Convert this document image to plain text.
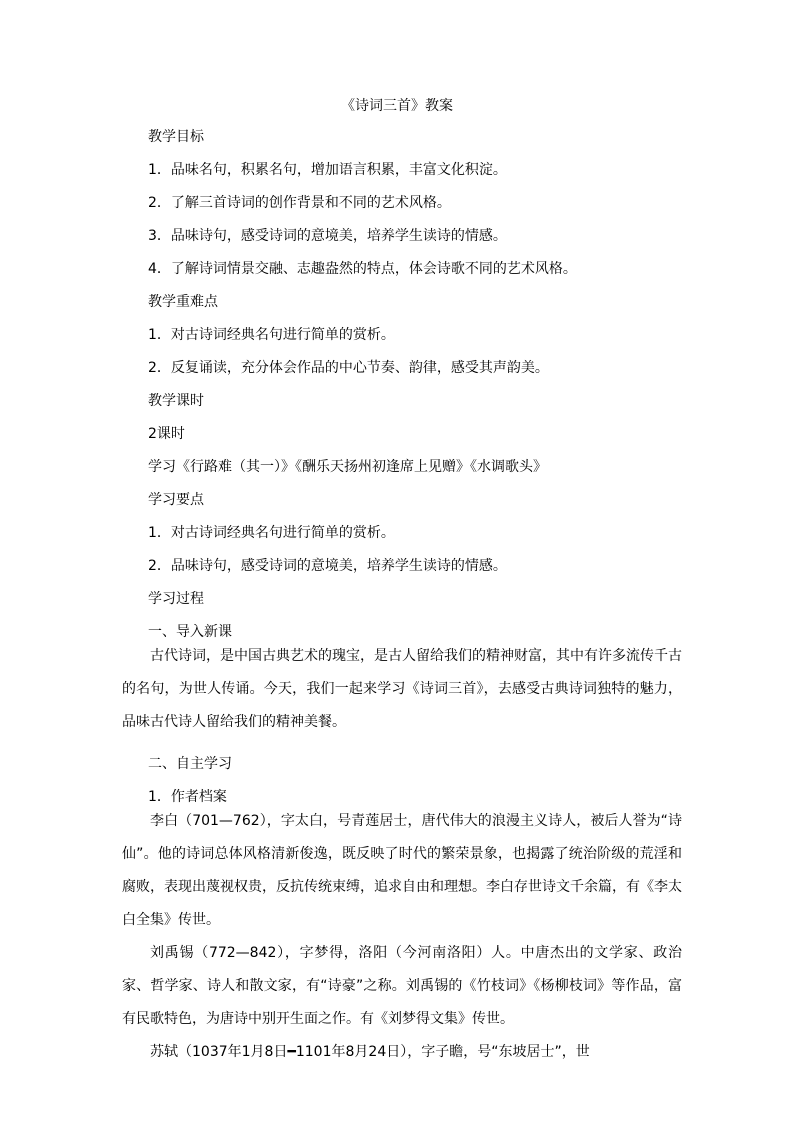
《诗词三首》教案
教学目标
1．品味名句，积累名句，增加语言积累，丰富文化积淀。
2．了解三首诗词的创作背景和不同的艺术风格。
3．品味诗句，感受诗词的意境美，培养学生读诗的情感。
4．了解诗词情景交融、志趣盎然的特点，体会诗歌不同的艺术风格。
教学重难点
1．对古诗词经典名句进行简单的赏析。
2．反复诵读，充分体会作品的中心节奏、韵律，感受其声韵美。
教学课时
2课时
学习《行路难（其一）》《酬乐天扬州初逢席上见赠》《水调歌头》
学习要点
1．对古诗词经典名句进行简单的赏析。
2．品味诗句，感受诗词的意境美，培养学生读诗的情感。
学习过程
一、导入新课
古代诗词，是中国古典艺术的瑰宝，是古人留给我们的精神财富，其中有许多流传千古的名句，为世人传诵。今天，我们一起来学习《诗词三首》，去感受古典诗词独特的魅力，品味古代诗人留给我们的精神美餐。
二、自主学习
1．作者档案
李白（701—762），字太白，号青莲居士，唐代伟大的浪漫主义诗人，被后人誉为“诗仙”。他的诗词总体风格清新俊逸，既反映了时代的繁荣景象，也揭露了统治阶级的荒淫和腐败，表现出蔑视权贵，反抗传统束缚，追求自由和理想。李白存世诗文千余篇，有《李太白全集》传世。
刘禹锡（772—842），字梦得，洛阳（今河南洛阳）人。中唐杰出的文学家、政治家、哲学家、诗人和散文家，有“诗豪”之称。刘禹锡的《竹枝词》《杨柳枝词》等作品，富有民歌特色，为唐诗中别开生面之作。有《刘梦得文集》传世。
苏轼（1037年1月8日━1101年8月24日），字子瞻，号“东坡居士”，世
